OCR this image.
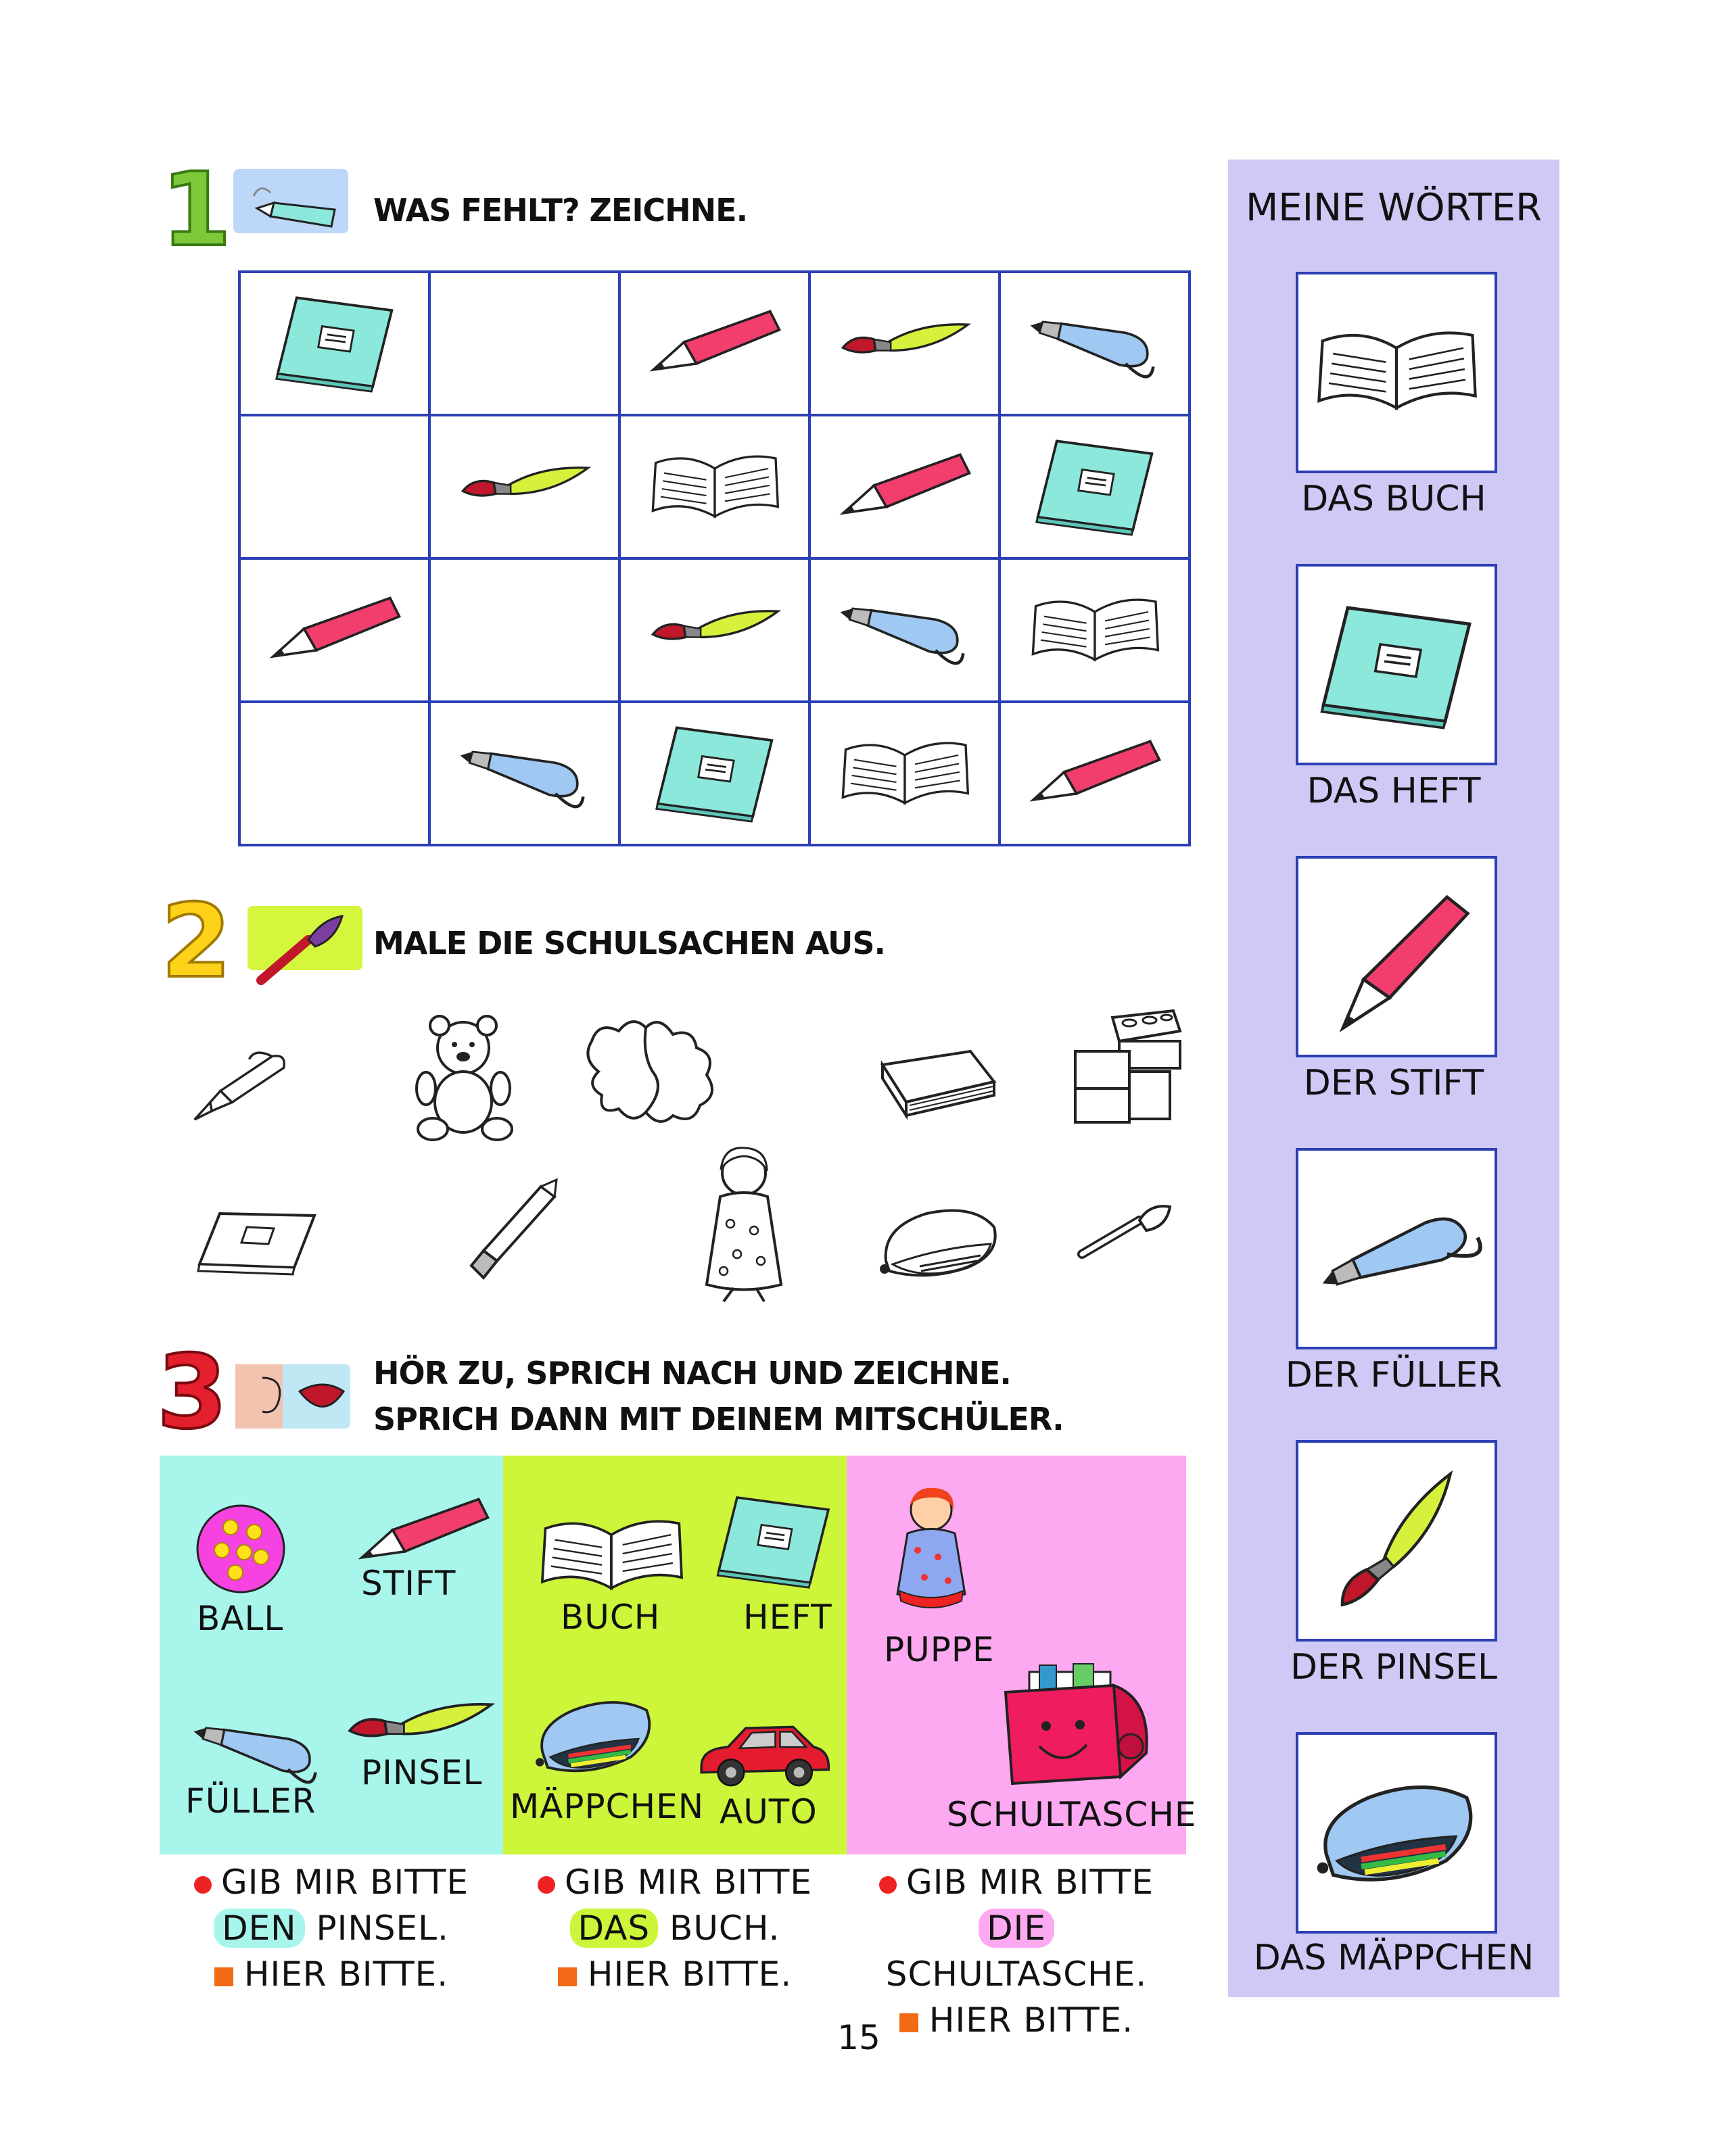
1	WAS FEHLT? ZEICHNE.

2	MALE DIE SCHULSACHEN AUS.
3	HÖR ZU, SPRICH NACH UND ZEICHNE.
SPRICH DANN MIT DEINEM MITSCHÜLER.
BALL
STIFT
FÜLLER
PINSEL
BUCH HEFT
MÄPPCHEN AUTO
PUPPE
SCHULTASCHE
GIB MIR BITTE
DEN PINSEL.
HIER BITTE.
GIB MIR BITTE
DAS BUCH.
HIER BITTE.
GIB MIR BITTE
DIE SCHULTASCHE.
HIER BITTE.
15
MEINE WÖRTER
DAS BUCH
DAS HEFT
DER STIFT
DER FÜLLER
DER PINSEL
DAS MÄPPCHEN
